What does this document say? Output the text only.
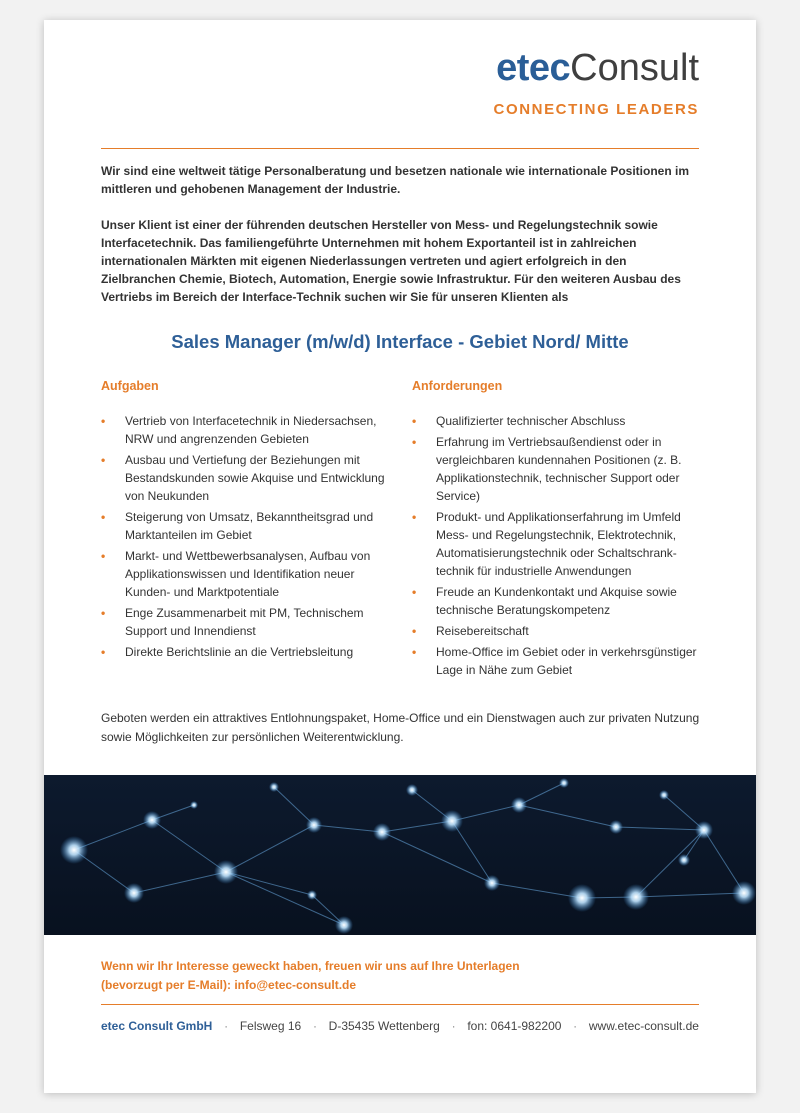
etecConsult
CONNECTING LEADERS

Wir sind eine weltweit tätige Personalberatung und besetzen nationale wie internationale Positionen im mittleren und gehobenen Management der Industrie.

Unser Klient ist einer der führenden deutschen Hersteller von Mess- und Regelungstechnik sowie Interfacetechnik. Das familiengeführte Unternehmen mit hohem Exportanteil ist in zahlreichen internationalen Märkten mit eigenen Niederlassungen vertreten und agiert erfolgreich in den Zielbranchen Chemie, Biotech, Automation, Energie sowie Infrastruktur. Für den weiteren Ausbau des Vertriebs im Bereich der Interface-Technik suchen wir Sie für unseren Klienten als

Sales Manager (m/w/d) Interface - Gebiet Nord/ Mitte
Aufgaben
• Vertrieb von Interfacetechnik in Niedersachsen, NRW und angrenzenden Gebieten
• Ausbau und Vertiefung der Beziehungen mit Bestandskunden sowie Akquise und Entwicklung von Neukunden
• Steigerung von Umsatz, Bekanntheitsgrad und Marktanteilen im Gebiet
• Markt- und Wettbewerbsanalysen, Aufbau von Applikationswissen und Identifikation neuer Kunden- und Marktpotentiale
• Enge Zusammenarbeit mit PM, Technischem Support und Innendienst
• Direkte Berichtslinie an die Vertriebsleitung
Anforderungen
• Qualifizierter technischer Abschluss
• Erfahrung im Vertriebsaußendienst oder in vergleichbaren kundennahen Positionen (z. B. Applikationstechnik, technischer Support oder Service)
• Produkt- und Applikationserfahrung im Umfeld Mess- und Regelungstechnik, Elektrotechnik, Automatisierungstechnik oder Schaltschrank-technik für industrielle Anwendungen
• Freude an Kundenkontakt und Akquise sowie technische Beratungskompetenz
• Reisebereitschaft
• Home-Office im Gebiet oder in verkehrsgünstiger Lage in Nähe zum Gebiet
Geboten werden ein attraktives Entlohnungspaket, Home-Office und ein Dienstwagen auch zur privaten Nutzung sowie Möglichkeiten zur persönlichen Weiterentwicklung.
Wenn wir Ihr Interesse geweckt haben, freuen wir uns auf Ihre Unterlagen
(bevorzugt per E-Mail): info@etec-consult.de
etec Consult GmbH · Felsweg 16 · D-35435 Wettenberg · fon: 0641-982200 · www.etec-consult.de
